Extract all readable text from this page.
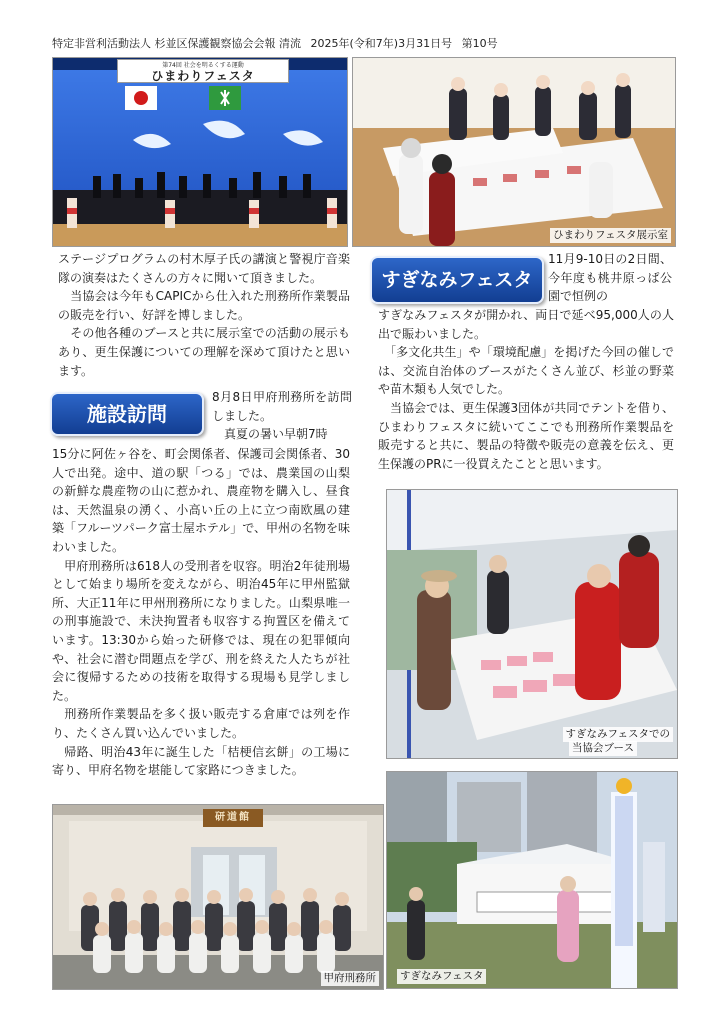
特定非営利活動法人 杉並区保護観察協会会報 清流 2025年(令和7年)3月31日号 第10号
第74回 社会を明るくする運動
ひまわりフェスタ
ひまわりフェスタ展示室

ステージプログラムの村木厚子氏の講演と警視庁音楽隊の演奏はたくさんの方々に聞いて頂きました。
　当協会は今年もCAPICから仕入れた刑務所作業製品の販売を行い、好評を博しました。
　その他各種のブースと共に展示室での活動の展示もあり、更生保護についての理解を深めて頂けたと思います。

施設訪問

8月8日甲府刑務所を訪問しました。
　真夏の暑い早朝7時

15分に阿佐ヶ谷を、町会関係者、保護司会関係者、30人で出発。途中、道の駅「つる」では、農業国の山梨の新鮮な農産物の山に惹かれ、農産物を購入し、昼食は、天然温泉の湧く、小高い丘の上に立つ南欧風の建築「フルーツパーク富士屋ホテル」で、甲州の名物を味わいました。
　甲府刑務所は618人の受刑者を収容。明治2年徒刑場として始まり場所を変えながら、明治45年に甲州監獄所、大正11年に甲州刑務所になりました。山梨県唯一の刑事施設で、未決拘置者も収容する拘置区を備えています。13:30から始った研修では、現在の犯罪傾向や、社会に潜む問題点を学び、刑を終えた人たちが社会に復帰するための技術を取得する現場も見学しました。
　刑務所作業製品を多く扱い販売する倉庫では列を作り、たくさん買い込んでいました。
　帰路、明治43年に誕生した「桔梗信玄餅」の工場に寄り、甲府名物を堪能して家路につきました。

研道館
甲府刑務所
すぎなみフェスタ

11月9-10日の2日間、今年度も桃井原っぱ公園で恒例の

すぎなみフェスタが開かれ、両日で延べ95,000人の人出で賑わいました。
　「多文化共生」や「環境配慮」を掲げた今回の催しでは、交流自治体のブースがたくさん並び、杉並の野菜や苗木類も人気でした。
　当協会では、更生保護3団体が共同でテントを借り、ひまわりフェスタに続いてここでも刑務所作業製品を販売すると共に、製品の特徴や販売の意義を伝え、更生保護のPRに一役買えたことと思います。

すぎなみフェスタでの
当協会ブース
すぎなみフェスタ
